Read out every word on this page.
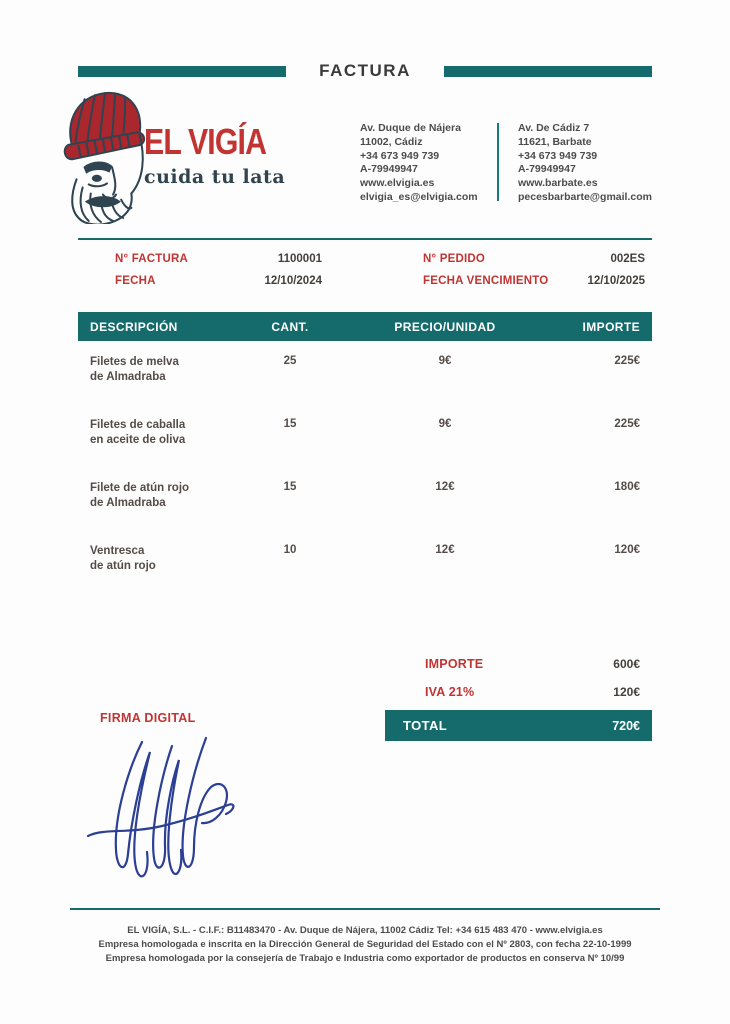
FACTURA
EL VIGÍA
cuida tu lata
Av. Duque de Nájera
11002, Cádiz
+34 673 949 739
A-79949947
www.elvigia.es
elvigia_es@elvigia.com
Av. De Cádiz 7
11621, Barbate
+34 673 949 739
A-79949947
www.barbate.es
pecesbarbarte@gmail.com
N° FACTURA	1100001
FECHA	12/10/2024
N° PEDIDO	002ES
FECHA VENCIMIENTO	12/10/2025
DESCRIPCIÓN	CANT.	PRECIO/UNIDAD	IMPORTE
Filetes de melva
de Almadraba
25	9€	225€
Filetes de caballa
en aceite de oliva
15	9€	225€
Filete de atún rojo
de Almadraba
15	12€	180€
Ventresca
de atún rojo
10	12€	120€
IMPORTE	600€
IVA 21%	120€
TOTAL	720€
FIRMA DIGITAL
EL VIGÍA, S.L. - C.I.F.: B11483470 - Av. Duque de Nájera, 11002 Cádiz Tel: +34 615 483 470 - www.elvigia.es
Empresa homologada e inscrita en la Dirección General de Seguridad del Estado con el Nº 2803, con fecha 22-10-1999
Empresa homologada por la consejería de Trabajo e Industria como exportador de productos en conserva Nº 10/99
